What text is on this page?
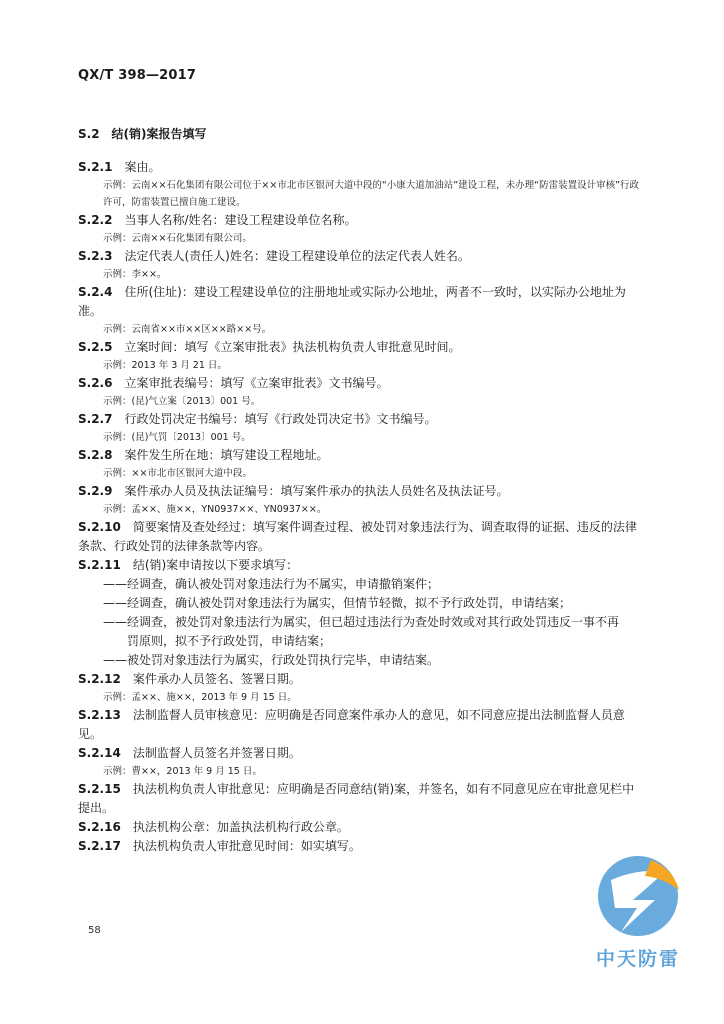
QX/T 398—2017
S.2　结(销)案报告填写
S.2.1 案由。
示例：云南××石化集团有限公司位于××市北市区银河大道中段的“小康大道加油站”建设工程，未办理“防雷装置设计审核”行政许可，防雷装置已擅自施工建设。
S.2.2 当事人名称/姓名：建设工程建设单位名称。
示例：云南××石化集团有限公司。
S.2.3 法定代表人(责任人)姓名：建设工程建设单位的法定代表人姓名。
示例：李××。
S.2.4 住所(住址)：建设工程建设单位的注册地址或实际办公地址，两者不一致时，以实际办公地址为准。
示例：云南省××市××区××路××号。
S.2.5 立案时间：填写《立案审批表》执法机构负责人审批意见时间。
示例：2013 年 3 月 21 日。
S.2.6 立案审批表编号：填写《立案审批表》文书编号。
示例：(昆)气立案〔2013〕001 号。
S.2.7 行政处罚决定书编号：填写《行政处罚决定书》文书编号。
示例：(昆)气罚〔2013〕001 号。
S.2.8 案件发生所在地：填写建设工程地址。
示例：××市北市区银河大道中段。
S.2.9 案件承办人员及执法证编号：填写案件承办的执法人员姓名及执法证号。
示例：孟××、施××，YN0937××、YN0937××。
S.2.10 简要案情及查处经过：填写案件调查过程、被处罚对象违法行为、调查取得的证据、违反的法律条款、行政处罚的法律条款等内容。
S.2.11 结(销)案申请按以下要求填写：
——经调查，确认被处罚对象违法行为不属实，申请撤销案件；
——经调查，确认被处罚对象违法行为属实，但情节轻微，拟不予行政处罚，申请结案；
——经调查，被处罚对象违法行为属实，但已超过违法行为查处时效或对其行政处罚违反一事不再
罚原则，拟不予行政处罚，申请结案；
——被处罚对象违法行为属实，行政处罚执行完毕，申请结案。
S.2.12 案件承办人员签名、签署日期。
示例：孟××、施××，2013 年 9 月 15 日。
S.2.13 法制监督人员审核意见：应明确是否同意案件承办人的意见，如不同意应提出法制监督人员意见。
S.2.14 法制监督人员签名并签署日期。
示例：曹××，2013 年 9 月 15 日。
S.2.15 执法机构负责人审批意见：应明确是否同意结(销)案，并签名，如有不同意见应在审批意见栏中提出。
S.2.16 执法机构公章：加盖执法机构行政公章。
S.2.17 执法机构负责人审批意见时间：如实填写。
58
中天防雷
